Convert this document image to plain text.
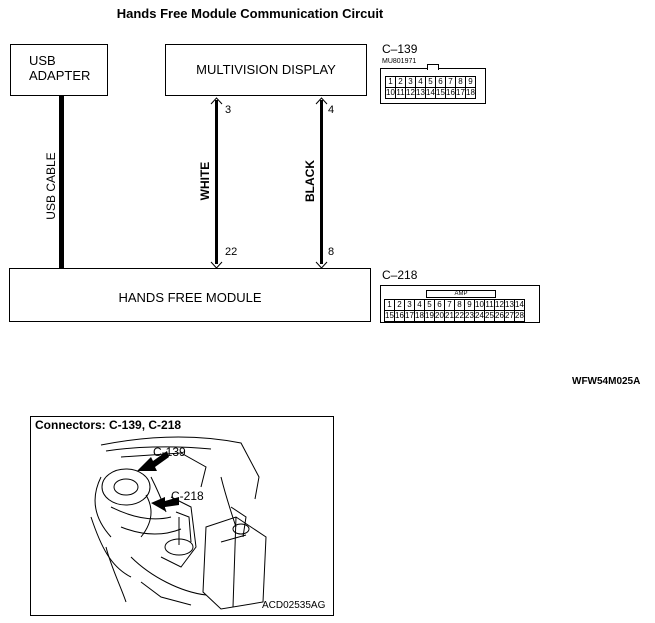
Hands Free Module Communication Circuit
USB
ADAPTER	MULTIVISION DISPLAY
HANDS FREE MODULE
USB CABLE
3
22
WHITE
4
8
BLACK
C–139
MU801971
1	2	3	4	5	6	7	8	9
10	11	12	13	14	15	16	17	18
C–218
AMP
1	2	3	4	5	6	7	8	9	10	11	12	13	14
15	16	17	18	19	20	21	22	23	24	25	26	27	28
WFW54M025A
Connectors: C-139, C-218
C-139
C-218
ACD02535AG
